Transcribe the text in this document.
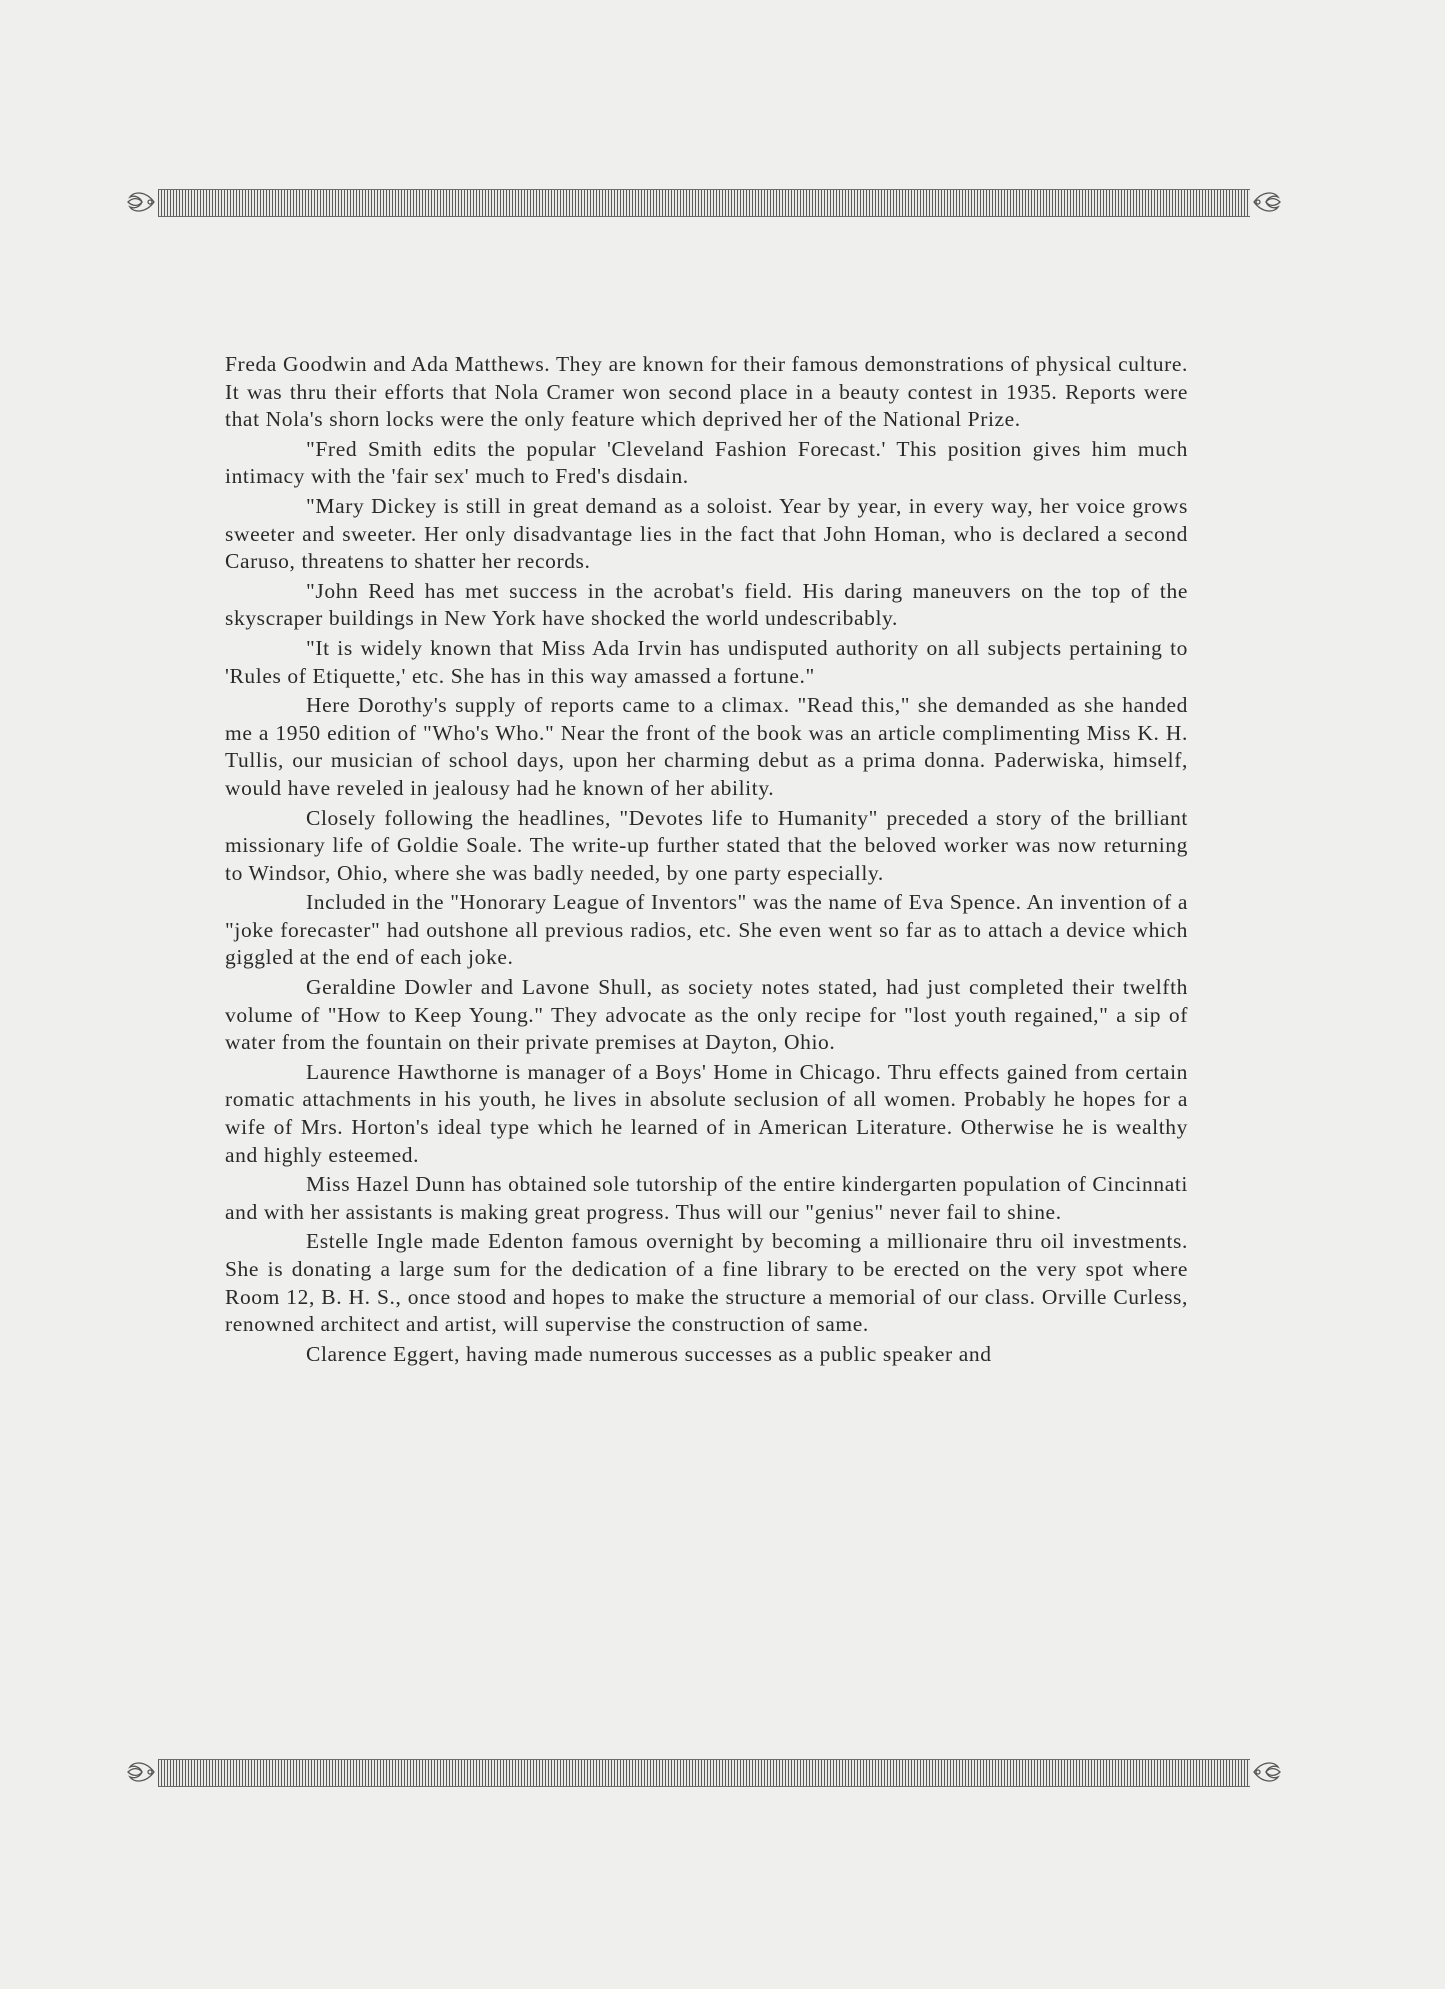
Freda Goodwin and Ada Matthews. They are known for their famous demonstrations of physical culture. It was thru their efforts that Nola Cramer won second place in a beauty contest in 1935. Reports were that Nola's shorn locks were the only feature which deprived her of the National Prize.

"Fred Smith edits the popular 'Cleveland Fashion Forecast.' This position gives him much intimacy with the 'fair sex' much to Fred's disdain.

"Mary Dickey is still in great demand as a soloist. Year by year, in every way, her voice grows sweeter and sweeter. Her only disadvantage lies in the fact that John Homan, who is declared a second Caruso, threatens to shatter her records.

"John Reed has met success in the acrobat's field. His daring maneuvers on the top of the skyscraper buildings in New York have shocked the world undescribably.

"It is widely known that Miss Ada Irvin has undisputed authority on all subjects pertaining to 'Rules of Etiquette,' etc. She has in this way amassed a fortune."

Here Dorothy's supply of reports came to a climax. "Read this," she demanded as she handed me a 1950 edition of "Who's Who." Near the front of the book was an article complimenting Miss K. H. Tullis, our musician of school days, upon her charming debut as a prima donna. Paderwiska, himself, would have reveled in jealousy had he known of her ability.

Closely following the headlines, "Devotes life to Humanity" preceded a story of the brilliant missionary life of Goldie Soale. The write-up further stated that the beloved worker was now returning to Windsor, Ohio, where she was badly needed, by one party especially.

Included in the "Honorary League of Inventors" was the name of Eva Spence. An invention of a "joke forecaster" had outshone all previous radios, etc. She even went so far as to attach a device which giggled at the end of each joke.

Geraldine Dowler and Lavone Shull, as society notes stated, had just completed their twelfth volume of "How to Keep Young." They advocate as the only recipe for "lost youth regained," a sip of water from the fountain on their private premises at Dayton, Ohio.

Laurence Hawthorne is manager of a Boys' Home in Chicago. Thru effects gained from certain romatic attachments in his youth, he lives in absolute seclusion of all women. Probably he hopes for a wife of Mrs. Horton's ideal type which he learned of in American Literature. Otherwise he is wealthy and highly esteemed.

Miss Hazel Dunn has obtained sole tutorship of the entire kindergarten population of Cincinnati and with her assistants is making great progress. Thus will our "genius" never fail to shine.

Estelle Ingle made Edenton famous overnight by becoming a millionaire thru oil investments. She is donating a large sum for the dedication of a fine library to be erected on the very spot where Room 12, B. H. S., once stood and hopes to make the structure a memorial of our class. Orville Curless, renowned architect and artist, will supervise the construction of same.

Clarence Eggert, having made numerous successes as a public speaker and
